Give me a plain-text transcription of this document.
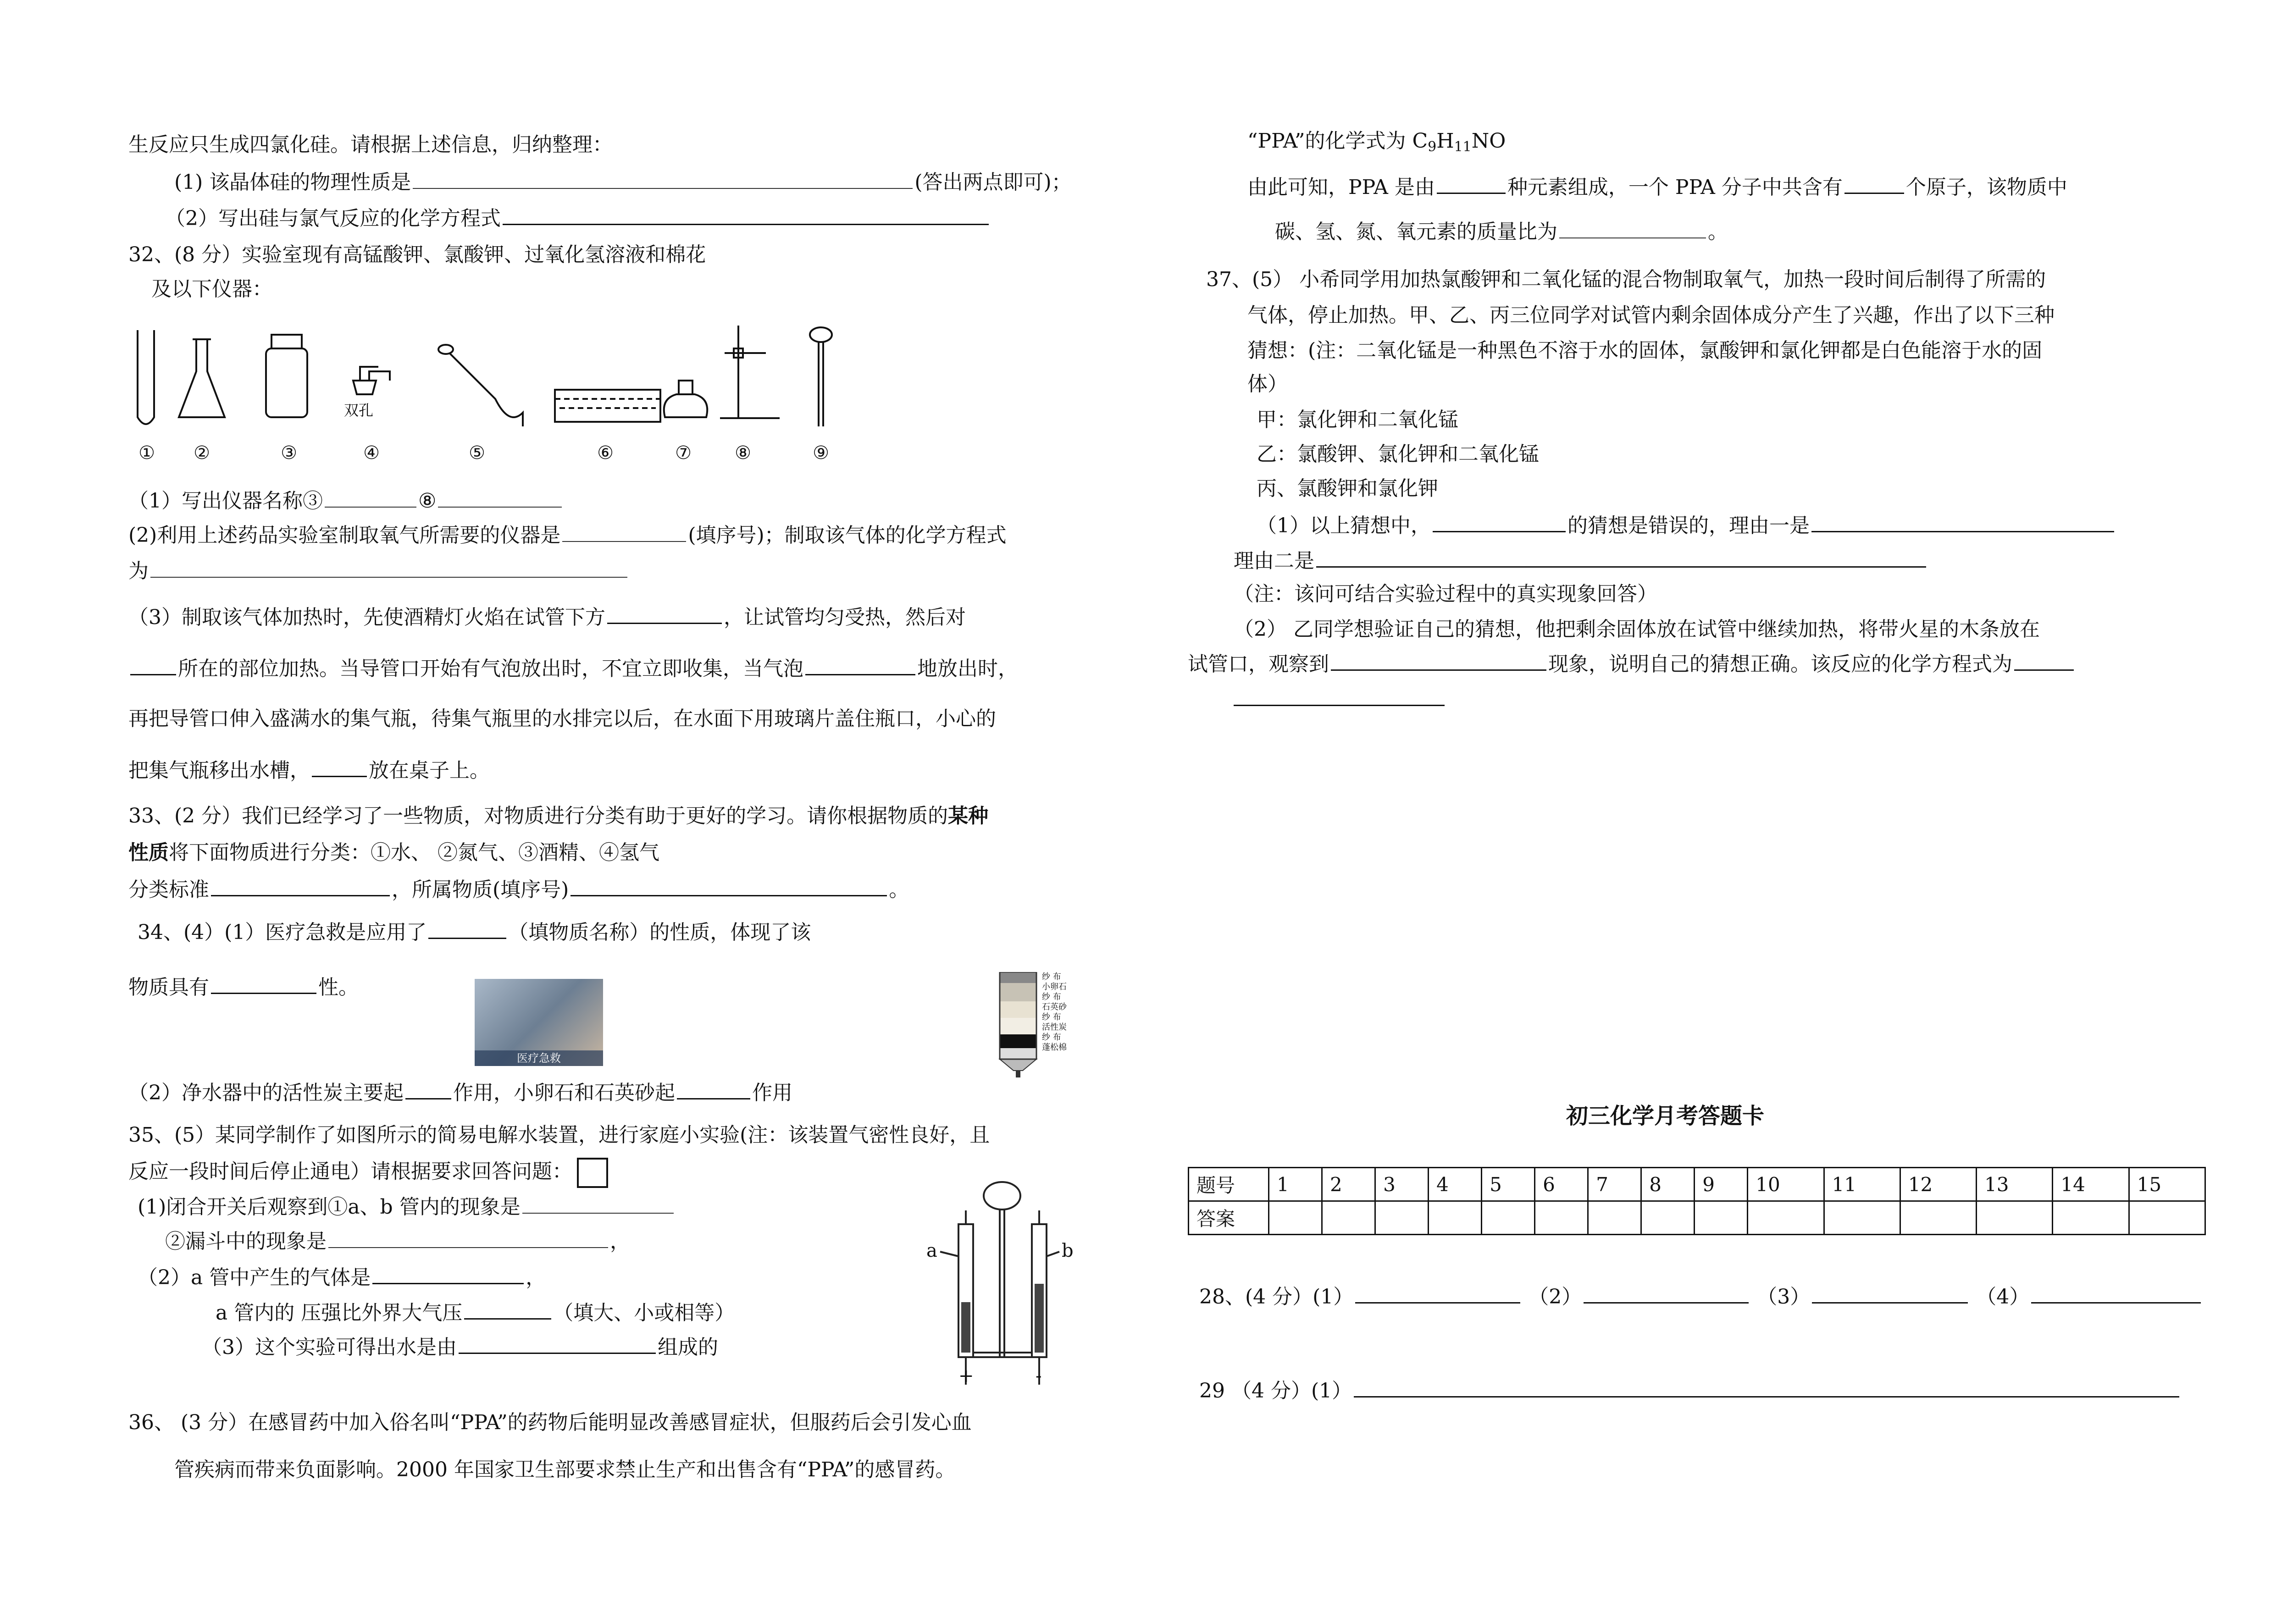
生反应只生成四氯化硅。请根据上述信息，归纳整理：
(1) 该晶体硅的物理性质是	(答出两点即可)；
（2）写出硅与氯气反应的化学方程式
32、(8 分）实验室现有高锰酸钾、氯酸钾、过氧化氢溶液和棉花
及以下仪器：
双孔
①	②	③	④	⑤	⑥	⑦	⑧	⑨
（1）写出仪器名称③	⑧
(2)利用上述药品实验室制取氧气所需要的仪器是	(填序号)；制取该气体的化学方程式
为
（3）制取该气体加热时，先使酒精灯火焰在试管下方	，让试管均匀受热，然后对
所在的部位加热。当导管口开始有气泡放出时，不宜立即收集，当气泡	地放出时，
再把导管口伸入盛满水的集气瓶，待集气瓶里的水排完以后，在水面下用玻璃片盖住瓶口，小心的
把集气瓶移出水槽，	放在桌子上。
33、(2 分）我们已经学习了一些物质，对物质进行分类有助于更好的学习。请你根据物质的某种
性质将下面物质进行分类：①水、 ②氮气、③酒精、④氢气
分类标准	，所属物质(填序号)	。
34、(4）(1）医疗急救是应用了	（填物质名称）的性质，体现了该
物质具有	性。
医疗急救
纱 布
小卵石
纱 布
石英砂
纱 布
活性炭
纱 布
蓬松棉
（2）净水器中的活性炭主要起 作用，小卵石和石英砂起	作用
35、(5）某同学制作了如图所示的简易电解水装置，进行家庭小实验(注：该装置气密性良好，且
反应一段时间后停止通电）请根据要求回答问题：
(1)闭合开关后观察到①a、b 管内的现象是
②漏斗中的现象是	，
（2）a 管中产生的气体是	，
a 管内的 压强比外界大气压	（填大、小或相等）
（3）这个实验可得出水是由	组成的
a	b
+	-
36、 (3 分）在感冒药中加入俗名叫“PPA”的药物后能明显改善感冒症状，但服药后会引发心血
管疾病而带来负面影响。2000 年国家卫生部要求禁止生产和出售含有“PPA”的感冒药。
“PPA”的化学式为 $C_9H_{11}NO$
由此可知，PPA 是由	种元素组成，一个 PPA 分子中共含有	个原子，该物质中
碳、氢、氮、氧元素的质量比为	。
37、(5） 小希同学用加热氯酸钾和二氧化锰的混合物制取氧气，加热一段时间后制得了所需的
气体，停止加热。甲、乙、丙三位同学对试管内剩余固体成分产生了兴趣，作出了以下三种
猜想：(注：二氧化锰是一种黑色不溶于水的固体，氯酸钾和氯化钾都是白色能溶于水的固
体）
甲：氯化钾和二氧化锰
乙：氯酸钾、氯化钾和二氧化锰
丙、氯酸钾和氯化钾
（1）以上猜想中，	的猜想是错误的，理由一是
理由二是
（注：该问可结合实验过程中的真实现象回答）
（2） 乙同学想验证自己的猜想，他把剩余固体放在试管中继续加热，将带火星的木条放在
试管口，观察到	现象，说明自己的猜想正确。该反应的化学方程式为
初三化学月考答题卡
题号	1	2	3	4	5	6	7	8	9	10	11	12	13	14	15
答案															
28、(4 分）(1）	（2）	（3）	（4）
29 （4 分）(1）
